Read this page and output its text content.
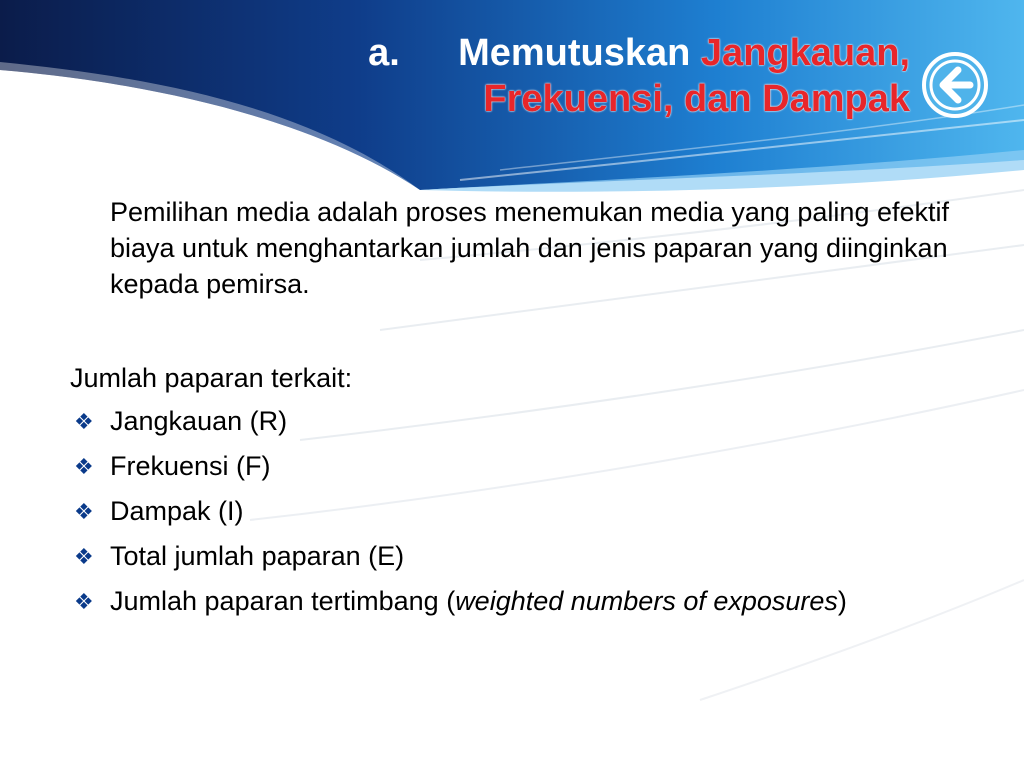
a. Memutuskan Jangkauan,
Frekuensi, dan Dampak
Pemilihan media adalah proses menemukan media yang paling efektif biaya untuk menghantarkan jumlah dan jenis paparan yang diinginkan kepada pemirsa.
Jumlah paparan terkait:
❖ Jangkauan (R)
❖ Frekuensi (F)
❖ Dampak (I)
❖ Total jumlah paparan (E)
❖ Jumlah paparan tertimbang (weighted numbers of exposures)
